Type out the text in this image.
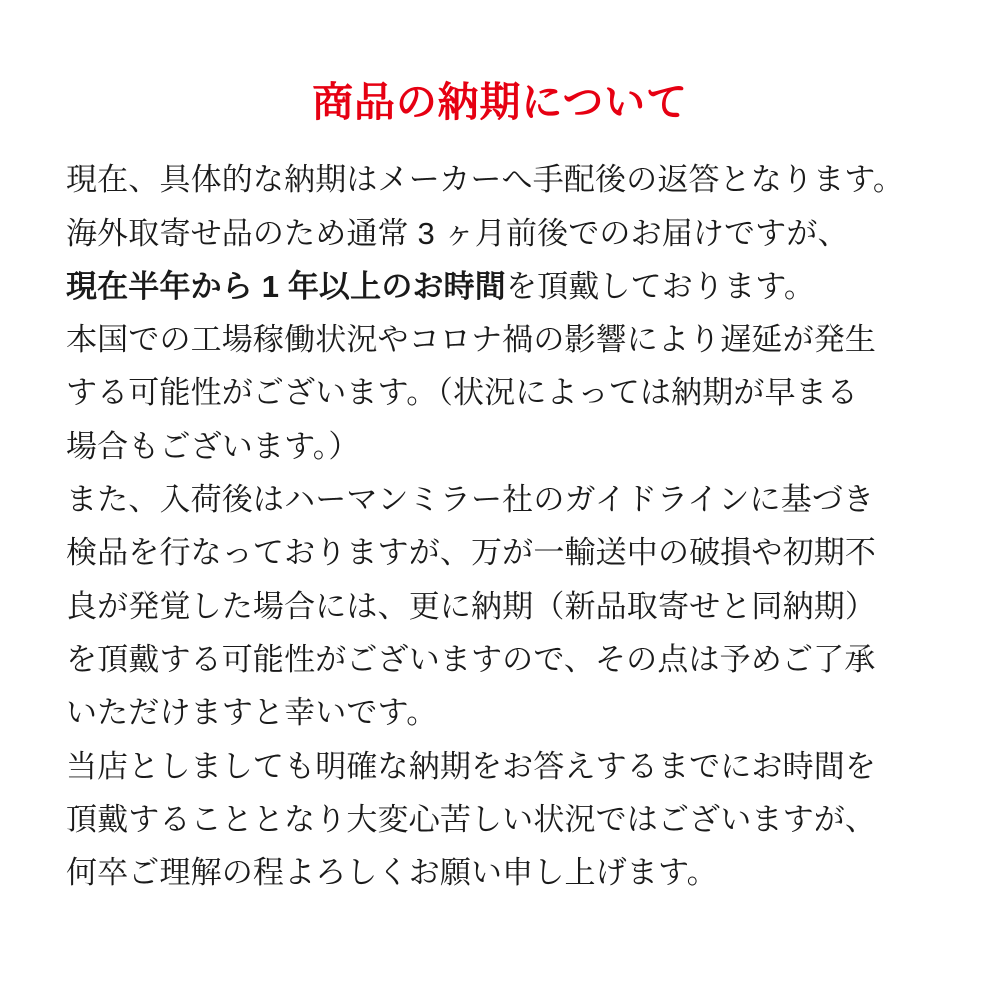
商品の納期について

現在、具体的な納期はメーカーへ手配後の返答となります。
海外取寄せ品のため通常 3 ヶ月前後でのお届けですが、
現在半年から 1 年以上のお時間を頂戴しております。

本国での工場稼働状況やコロナ禍の影響により遅延が発生
する可能性がございます。（状況によっては納期が早まる
場合もございます。）

また、入荷後はハーマンミラー社のガイドラインに基づき
検品を行なっておりますが、万が一輸送中の破損や初期不
良が発覚した場合には、更に納期（新品取寄せと同納期）
を頂戴する可能性がございますので、その点は予めご了承
いただけますと幸いです。

当店としましても明確な納期をお答えするまでにお時間を
頂戴することとなり大変心苦しい状況ではございますが、
何卒ご理解の程よろしくお願い申し上げます。
